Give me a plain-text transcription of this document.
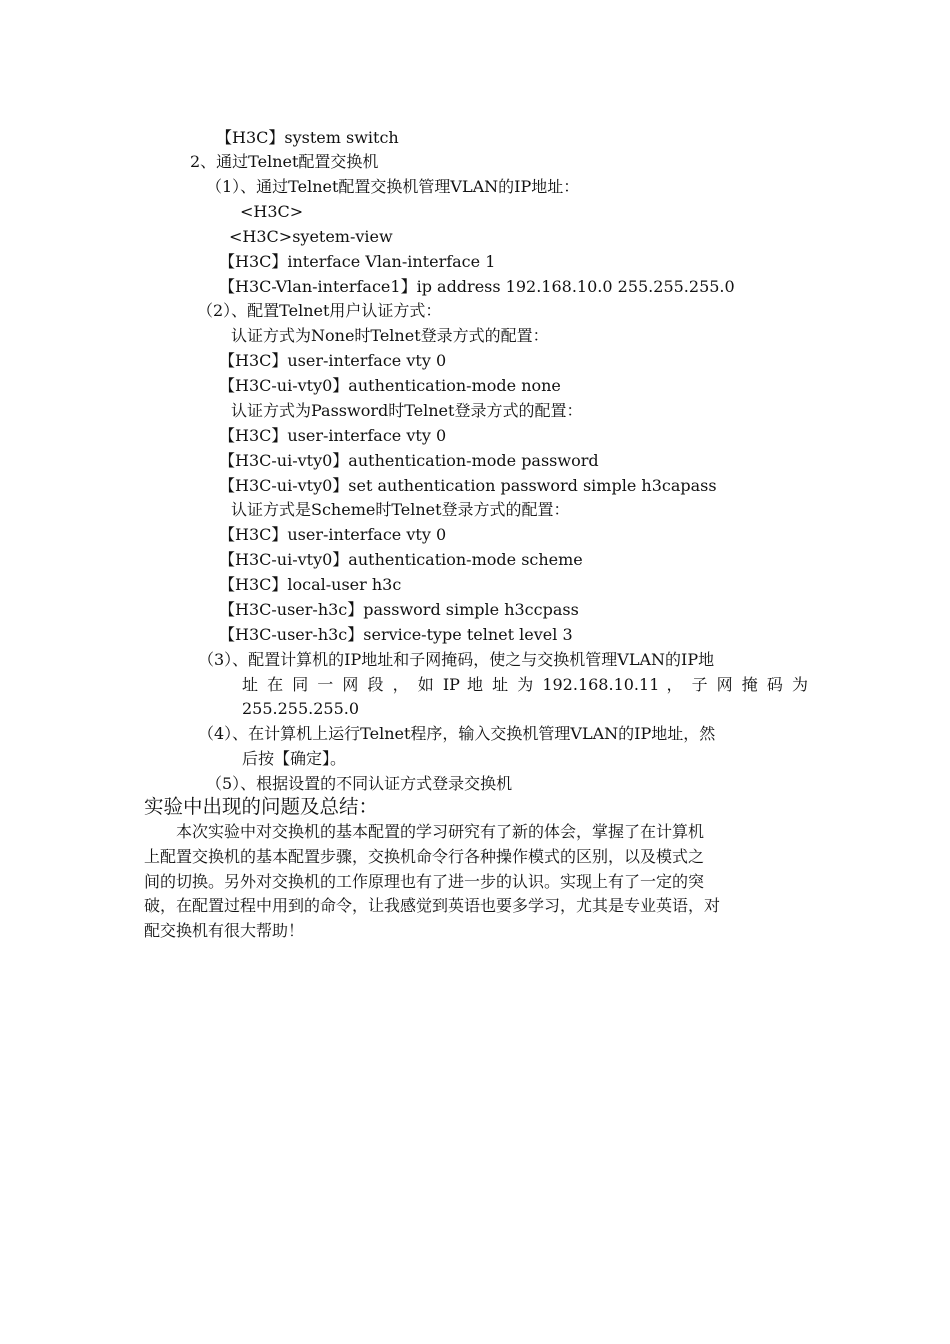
【H3C】system switch
2、通过Telnet配置交换机
（1）、通过Telnet配置交换机管理VLAN的IP地址：
<H3C>
<H3C>syetem-view
【H3C】interface Vlan-interface 1
【H3C-Vlan-interface1】ip address 192.168.10.0 255.255.255.0
（2）、配置Telnet用户认证方式：
认证方式为None时Telnet登录方式的配置：
【H3C】user-interface vty 0
【H3C-ui-vty0】authentication-mode none
认证方式为Password时Telnet登录方式的配置：
【H3C】user-interface vty 0
【H3C-ui-vty0】authentication-mode password
【H3C-ui-vty0】set authentication password simple h3capass
认证方式是Scheme时Telnet登录方式的配置：
【H3C】user-interface vty 0
【H3C-ui-vty0】authentication-mode scheme
【H3C】local-user h3c
【H3C-user-h3c】password simple h3ccpass
【H3C-user-h3c】service-type telnet level 3
（3）、配置计算机的IP地址和子网掩码，使之与交换机管理VLAN的IP地
址 在 同 一 网 段 ， 如 IP 地 址 为 192.168.10.11 ， 子 网 掩 码 为
255.255.255.0
（4）、在计算机上运行Telnet程序，输入交换机管理VLAN的IP地址，然
后按【确定】。
（5）、根据设置的不同认证方式登录交换机
实验中出现的问题及总结：
　　本次实验中对交换机的基本配置的学习研究有了新的体会，掌握了在计算机
上配置交换机的基本配置步骤，交换机命令行各种操作模式的区别，以及模式之
间的切换。另外对交换机的工作原理也有了进一步的认识。实现上有了一定的突
破，在配置过程中用到的命令，让我感觉到英语也要多学习，尤其是专业英语，对
配交换机有很大帮助！
